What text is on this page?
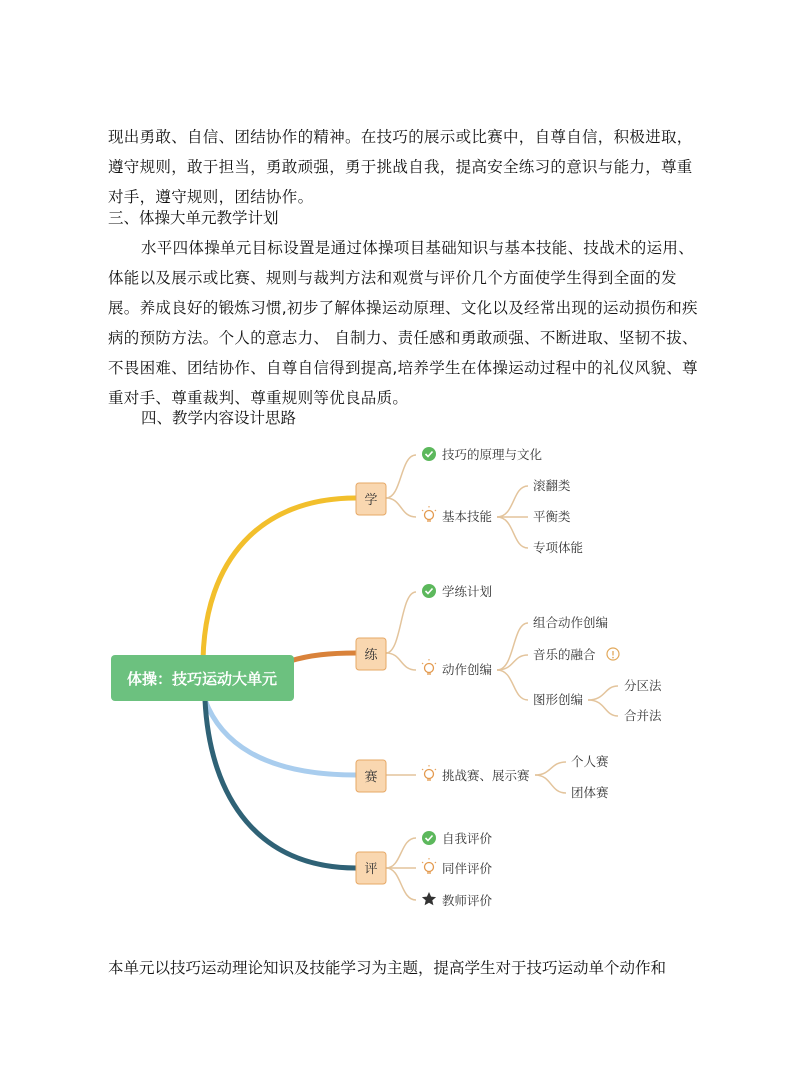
现出勇敢、自信、团结协作的精神。在技巧的展示或比赛中，自尊自信，积极进取，遵守规则，敢于担当，勇敢顽强，勇于挑战自我，提高安全练习的意识与能力，尊重对手，遵守规则，团结协作。

三、体操大单元教学计划

水平四体操单元目标设置是通过体操项目基础知识与基本技能、技战术的运用、体能以及展示或比赛、规则与裁判方法和观赏与评价几个方面使学生得到全面的发展。养成良好的锻炼习惯,初步了解体操运动原理、文化以及经常出现的运动损伤和疾病的预防方法。个人的意志力、 自制力、责任感和勇敢顽强、不断进取、坚韧不拔、不畏困难、团结协作、自尊自信得到提高,培养学生在体操运动过程中的礼仪风貌、尊重对手、尊重裁判、尊重规则等优良品质。

四、教学内容设计思路
体操：技巧运动大单元
学
练
赛
评
技巧的原理与文化
基本技能
滚翻类
平衡类
专项体能
学练计划
动作创编
组合动作创编
音乐的融合
图形创编
分区法
合并法
挑战赛、展示赛
个人赛
团体赛
自我评价
同伴评价
教师评价
本单元以技巧运动理论知识及技能学习为主题，提高学生对于技巧运动单个动作和
